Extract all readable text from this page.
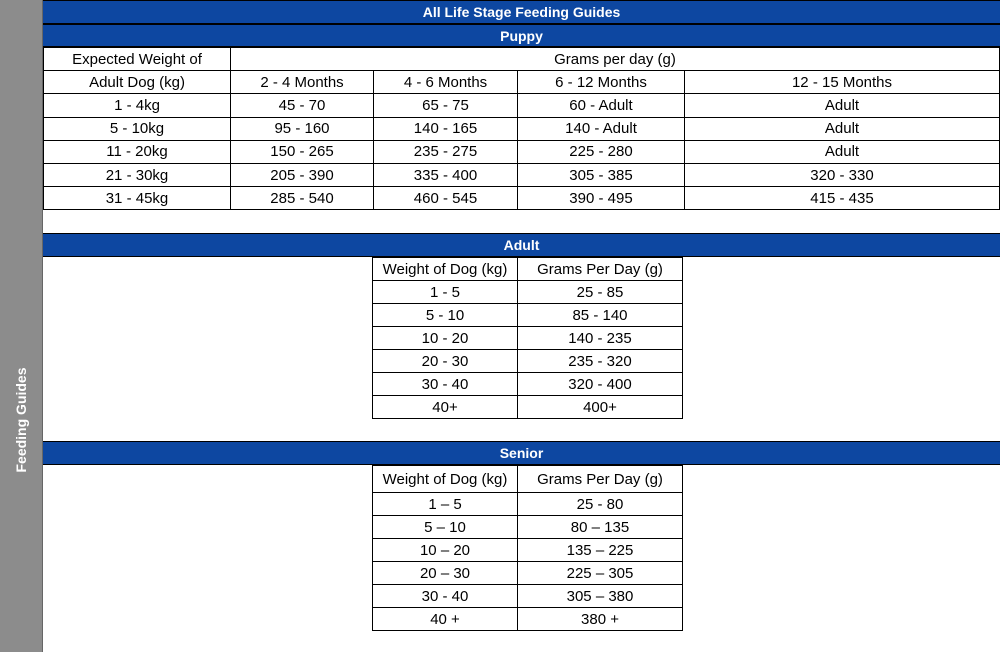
Feeding Guides
All Life Stage Feeding Guides
Puppy
Expected Weight of	Grams per day (g)			
Adult Dog (kg)	2 - 4 Months	4 - 6 Months	6 - 12 Months	12 - 15 Months
1 - 4kg	45 - 70	65 - 75	60 - Adult	Adult
5 - 10kg	95 - 160	140 - 165	140 - Adult	Adult
11 - 20kg	150 - 265	235 - 275	225 - 280	Adult
21 - 30kg	205 - 390	335 - 400	305 - 385	320 - 330
31 - 45kg	285 - 540	460 - 545	390 - 495	415 - 435
Adult
Weight of Dog (kg)	Grams Per Day (g)
1 - 5	25 - 85
5 - 10	85 - 140
10 - 20	140 - 235
20 - 30	235 - 320
30 - 40	320 - 400
40+	400+
Senior
Weight of Dog (kg)	Grams Per Day (g)
1 – 5	25 - 80
5 – 10	80 – 135
10 – 20	135 – 225
20 – 30	225 – 305
30 - 40	305 – 380
40 +	380 +
